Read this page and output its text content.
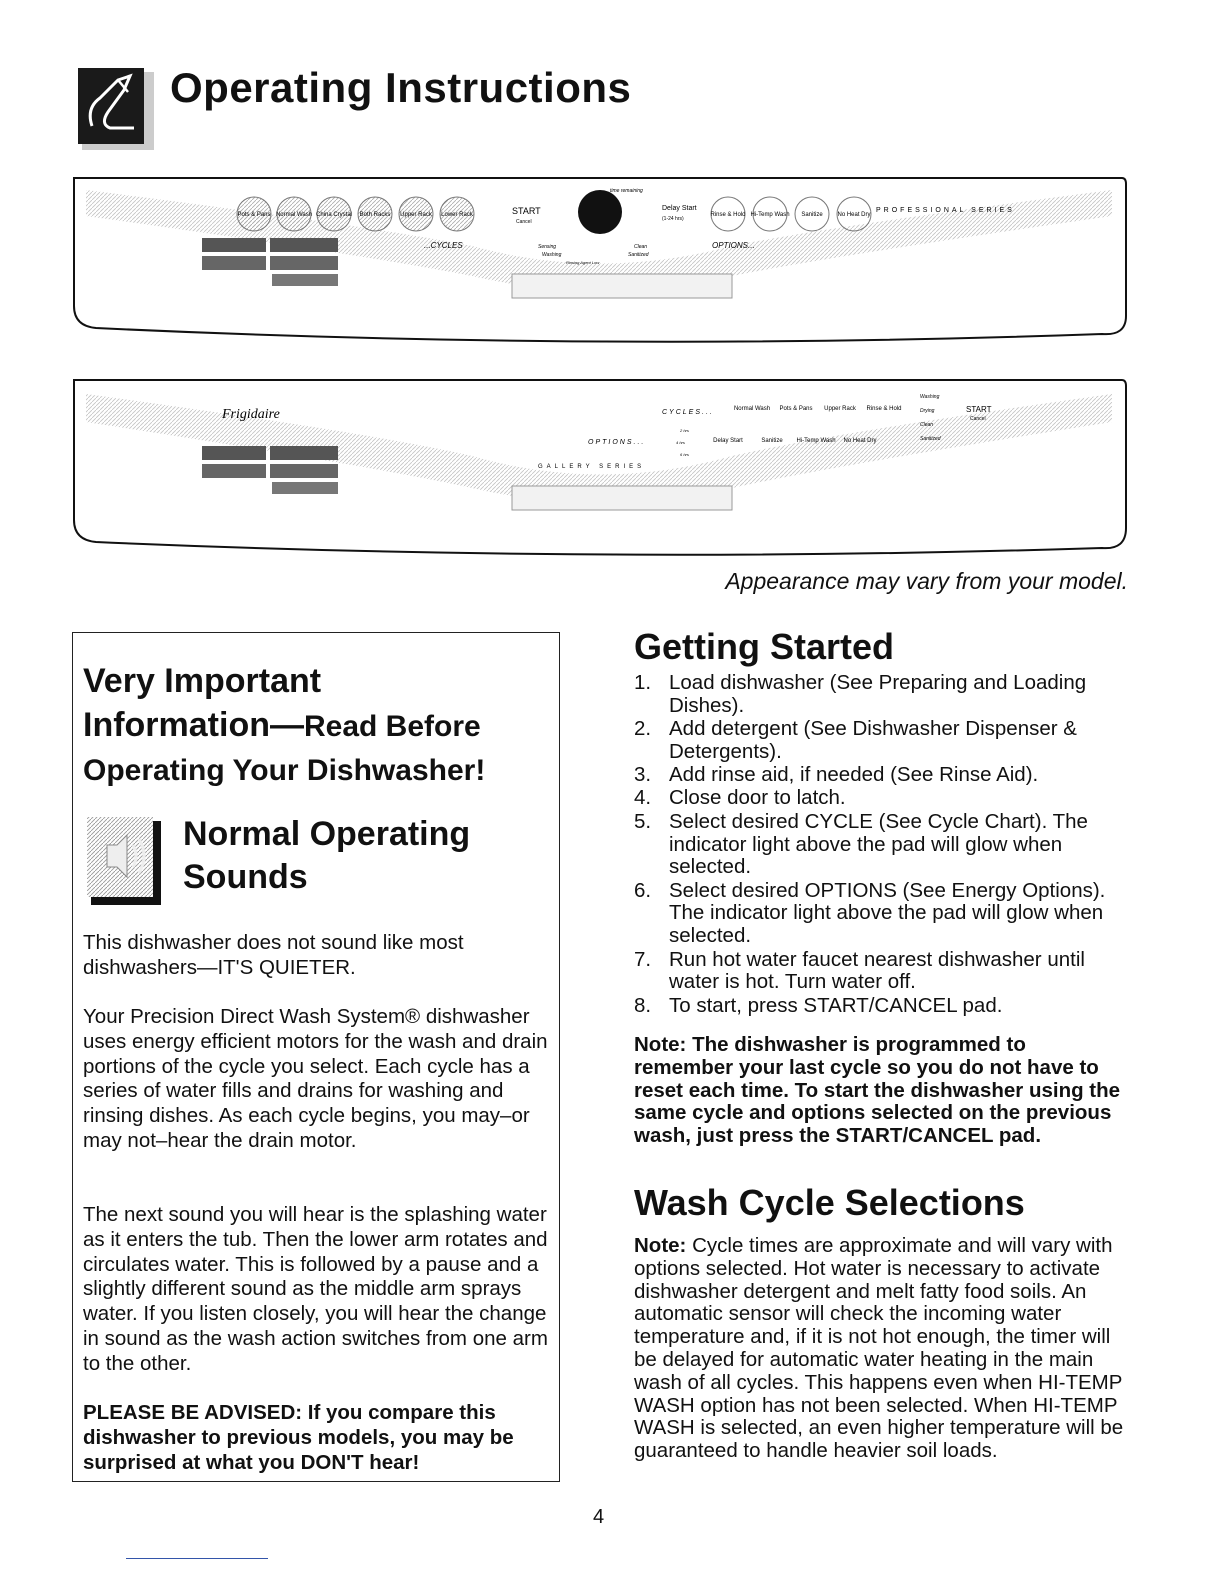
Operating Instructions
Pots & Pans Normal Wash China Crystal Both Racks Upper Rack Lower Rack
...CYCLES
START
Cancel
time remaining
Sensing	Clean
Washing	Sanitized
Rinsing Agent Low
Delay Start
(1-24 hrs)
Rinse & Hold Hi-Temp Wash Sanitize No Heat Dry
OPTIONS...
PROFESSIONAL SERIES
Frigidaire	CYCLES...	Normal Wash Pots & Pans Upper Rack Rinse & Hold
Washing
Drying
Clean
Sanitized
START
Cancel
OPTIONS...
2 hrs
4 hrs
6 hrs
Delay Start	Sanitize Hi-Temp Wash No Heat Dry
GALLERY SERIES
Appearance may vary from your model.
Very Important
Information—Read Before
Operating Your Dishwasher!
Normal Operating
Sounds

This dishwasher does not sound like most dishwashers—IT'S QUIETER.

Your Precision Direct Wash System® dishwasher uses energy efficient motors for the wash and drain portions of the cycle you select. Each cycle has a series of water fills and drains for washing and rinsing dishes. As each cycle begins, you may–or may not–hear the drain motor.

The next sound you will hear is the splashing water as it enters the tub. Then the lower arm rotates and circulates water. This is followed by a pause and a slightly different sound as the middle arm sprays water. If you listen closely, you will hear the change in sound as the wash action switches from one arm to the other.

PLEASE BE ADVISED: If you compare this dishwasher to previous models, you may be surprised at what you DON'T hear!

Getting Started
1. Load dishwasher (See Preparing and Loading Dishes).
2. Add detergent (See Dishwasher Dispenser & Detergents).
3. Add rinse aid, if needed (See Rinse Aid).
4. Close door to latch.
5. Select desired CYCLE (See Cycle Chart). The indicator light above the pad will glow when selected.
6. Select desired OPTIONS (See Energy Options). The indicator light above the pad will glow when selected.
7. Run hot water faucet nearest dishwasher until water is hot. Turn water off.
8. To start, press START/CANCEL pad.
Note: The dishwasher is programmed to remember your last cycle so you do not have to reset each time. To start the dishwasher using the same cycle and options selected on the previous wash, just press the START/CANCEL pad.
Wash Cycle Selections
Note: Cycle times are approximate and will vary with options selected. Hot water is necessary to activate dishwasher detergent and melt fatty food soils. An automatic sensor will check the incoming water temperature and, if it is not hot enough, the timer will be delayed for automatic water heating in the main wash of all cycles. This happens even when HI-TEMP WASH option has not been selected. When HI-TEMP WASH is selected, an even higher temperature will be guaranteed to handle heavier soil loads.
4
